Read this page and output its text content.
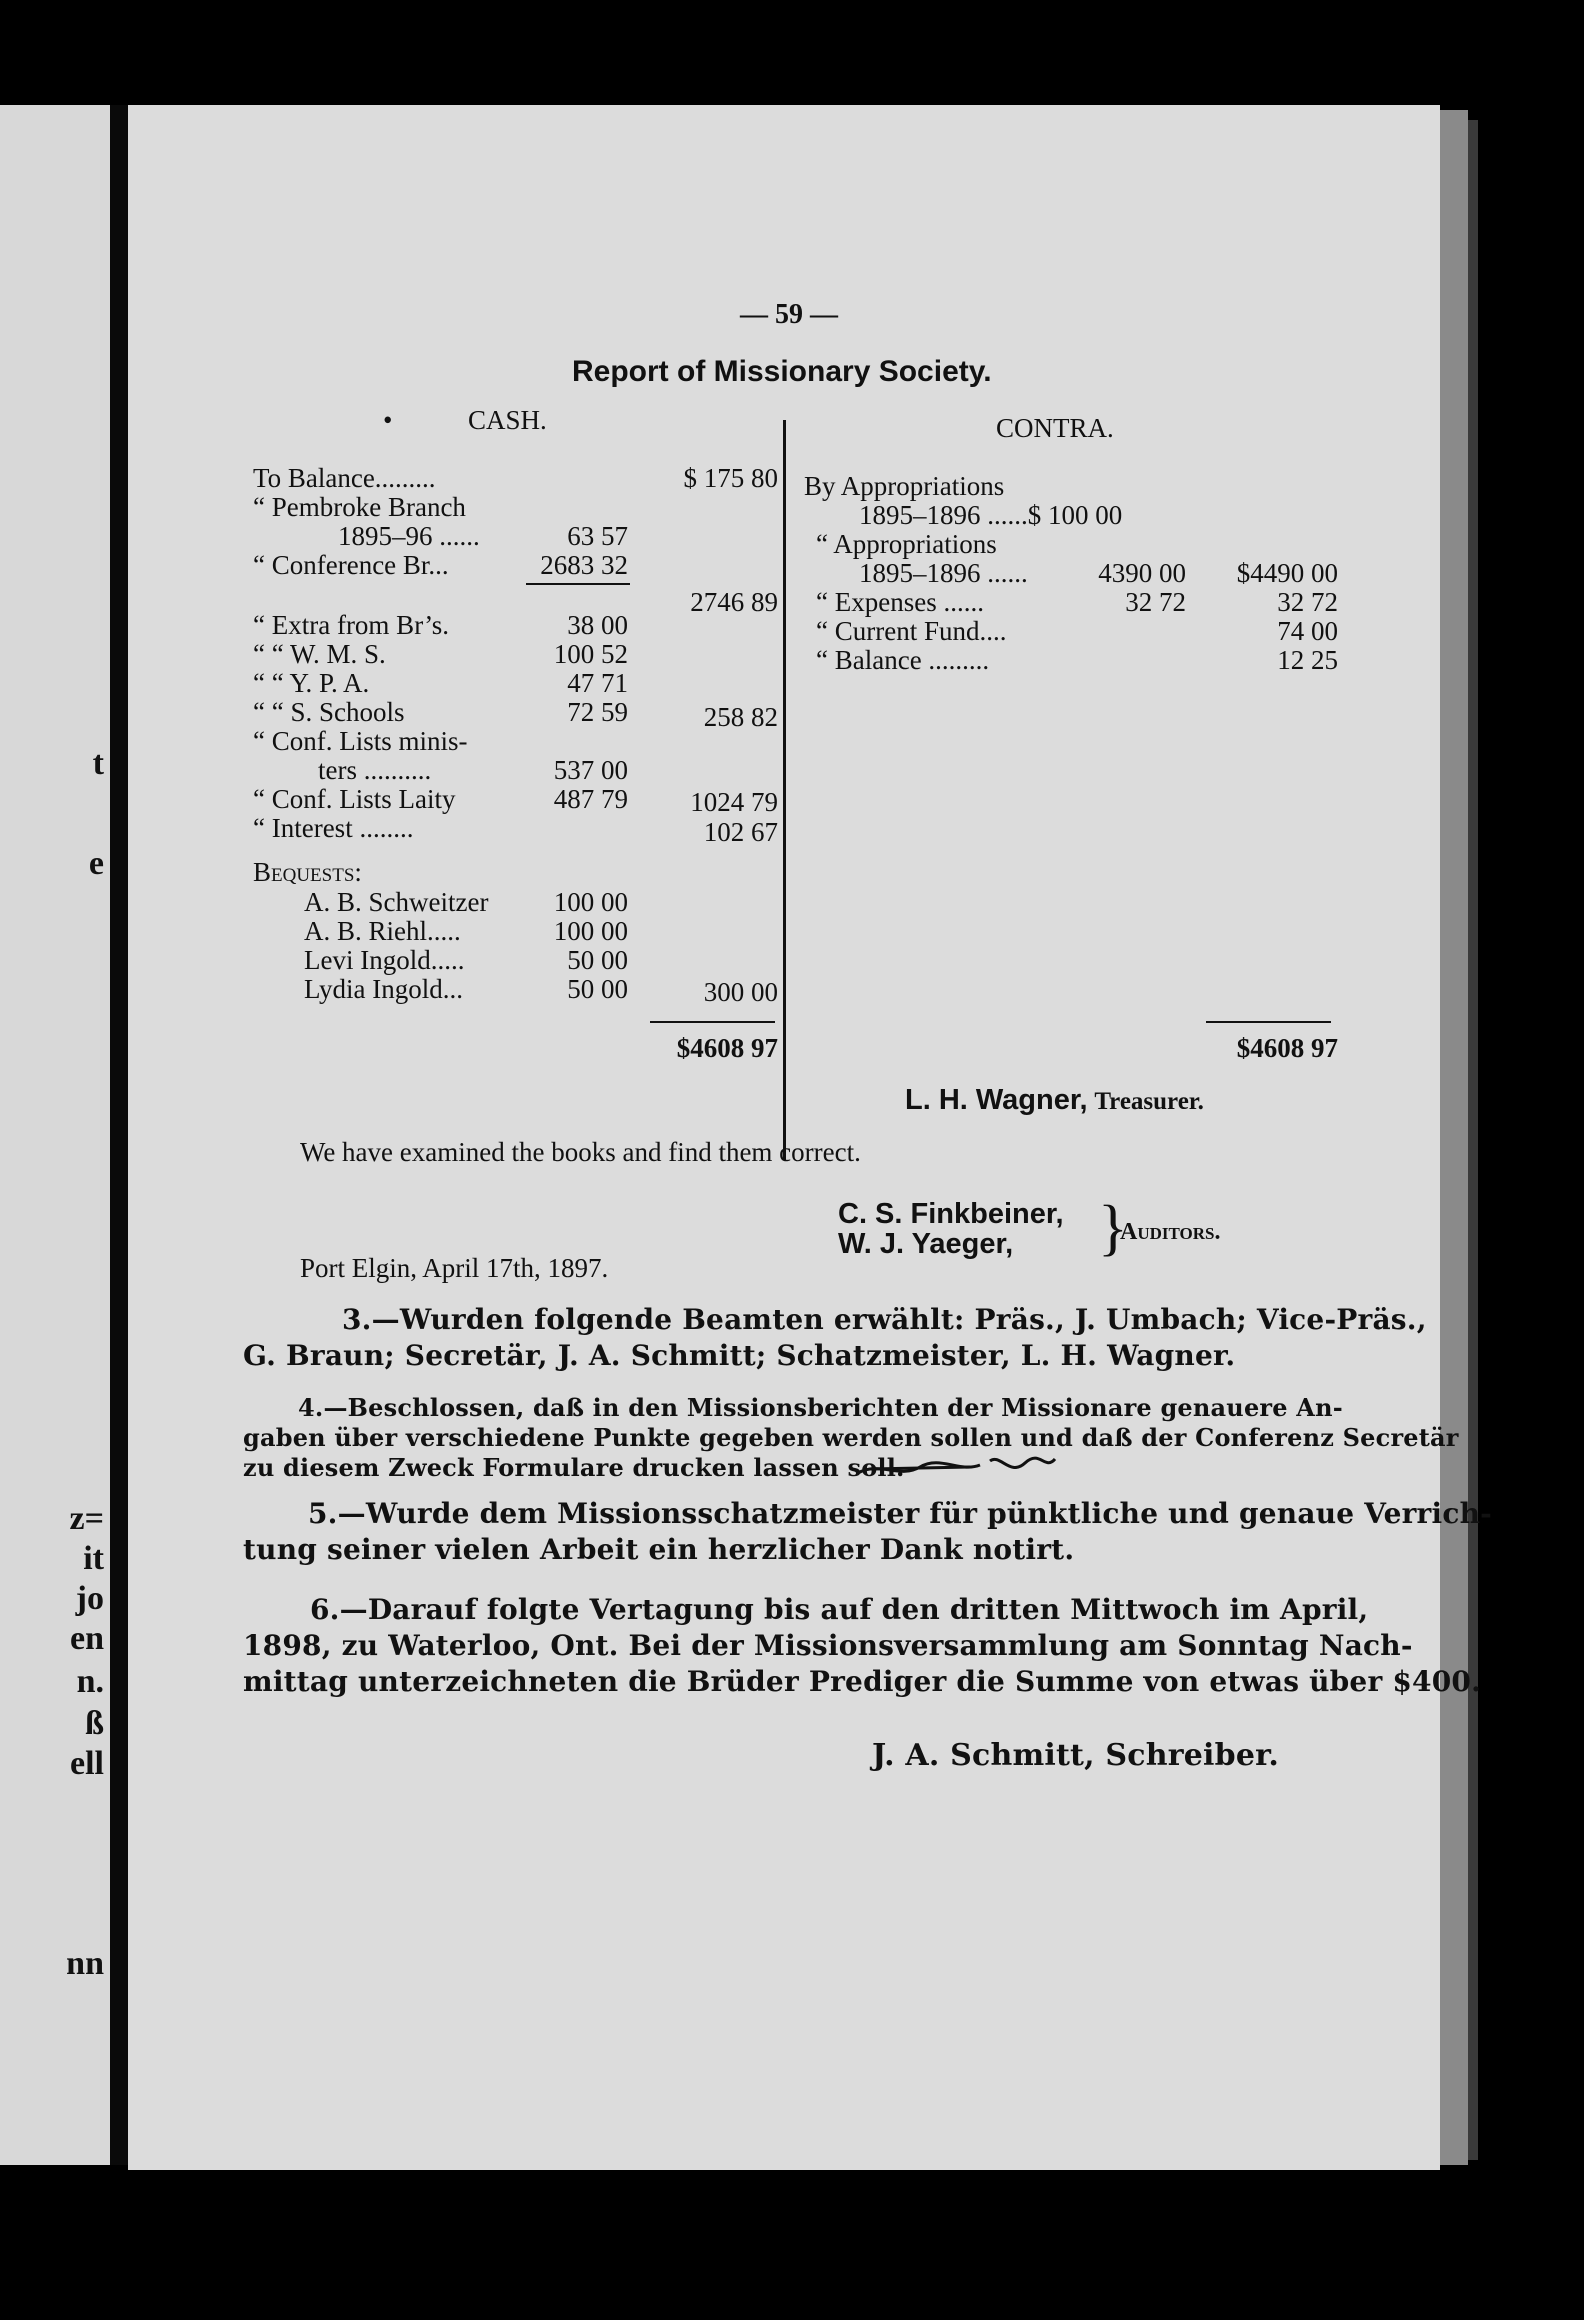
t
e
z=
it
jo
en
n.
ß
ell
nn
— 59 —
Report of Missionary Society.
•	CASH.	CONTRA.
To Balance.........	$ 175 80
“ Pembroke Branch
1895–96 ......	63 57
“ Conference Br...	2683 32
2746 89
“ Extra from Br’s.	38 00
“ “ W. M. S.	100 52
“ “ Y. P. A.	47 71
“ “ S. Schools	72 59	258 82
“ Conf. Lists minis-
ters ..........	537 00
“ Conf. Lists Laity	487 79	1024 79
“ Interest ........	102 67
Bequests:
A. B. Schweitzer	100 00
A. B. Riehl.....	100 00
Levi Ingold.....	50 00
Lydia Ingold...	50 00	300 00
$4608 97
By Appropriations
1895–1896 ......$ 100 00
“ Appropriations
1895–1896 ......	4390 00	$4490 00
“ Expenses ......	32 72	32 72
“ Current Fund....	74 00
“ Balance .........	12 25
$4608 97
L. H. Wagner, Treasurer.
We have examined the books and find them correct.
C. S. Finkbeiner,
W. J. Yaeger, }
Auditors.
Port Elgin, April 17th, 1897.
3.—Wurden folgende Beamten erwählt: Präs., J. Umbach; Vice-Präs.,
G. Braun; Secretär, J. A. Schmitt; Schatzmeister, L. H. Wagner.
4.—Beschlossen, daß in den Missionsberichten der Missionare genauere An-
gaben über verschiedene Punkte gegeben werden sollen und daß der Conferenz Secretär
zu diesem Zweck Formulare drucken lassen soll.
5.—Wurde dem Missionsschatzmeister für pünktliche und genaue Verrich-
tung seiner vielen Arbeit ein herzlicher Dank notirt.
6.—Darauf folgte Vertagung bis auf den dritten Mittwoch im April,
1898, zu Waterloo, Ont. Bei der Missionsversammlung am Sonntag Nach-
mittag unterzeichneten die Brüder Prediger die Summe von etwas über $400.
J. A. Schmitt, Schreiber.
